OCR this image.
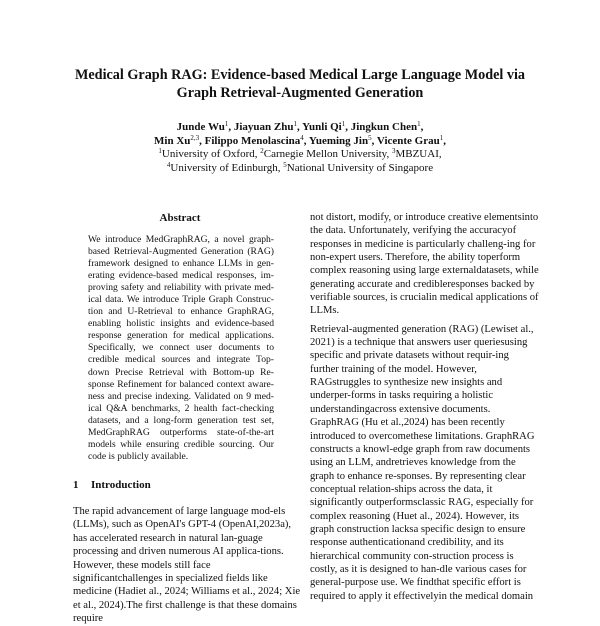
Medical Graph RAG: Evidence-based Medical Large Language Model via
Graph Retrieval-Augmented Generation
Junde Wu$^1$, Jiayuan Zhu$^1$, Yunli Qi$^1$, Jingkun Chen$^1$,
Min Xu$^{2,3}$, Filippo Menolascina$^4$, Yueming Jin$^5$, Vicente Grau$^1$,
$^1$University of Oxford, $^2$Carnegie Mellon University, $^3$MBZUAI,
$^4$University of Edinburgh, $^5$National University of Singapore
Abstract
We introduce MedGraphRAG, a novel graph-
based Retrieval-Augmented Generation (RAG)
framework designed to enhance LLMs in gen-
erating evidence-based medical responses, im-
proving safety and reliability with private med-
ical data. We introduce Triple Graph Construc-
tion and U-Retrieval to enhance GraphRAG,
enabling holistic insights and evidence-based
response generation for medical applications.
Specifically, we connect user documents to
credible medical sources and integrate Top-
down Precise Retrieval with Bottom-up Re-
sponse Refinement for balanced context aware-
ness and precise indexing. Validated on 9 med-
ical Q&A benchmarks, 2 health fact-checking
datasets, and a long-form generation test set,
MedGraphRAG outperforms state-of-the-art
models while ensuring credible sourcing. Our
code is publicly available.
1 Introduction
The rapid advancement of large language mod-els (LLMs), such as OpenAI's GPT-4 (OpenAI,2023a), has accelerated research in natural lan-guage processing and driven numerous AI applica-tions. However, these models still face significantchallenges in specialized fields like medicine (Hadiet al., 2024; Williams et al., 2024; Xie et al., 2024).The first challenge is that these domains require
not distort, modify, or introduce creative elementsinto the data. Unfortunately, verifying the accuracyof responses in medicine is particularly challeng-ing for non-expert users. Therefore, the ability toperform complex reasoning using large externaldatasets, while generating accurate and credibleresponses backed by verifiable sources, is crucialin medical applications of LLMs.
Retrieval-augmented generation (RAG) (Lewiset al., 2021) is a technique that answers user queriesusing specific and private datasets without requir-ing further training of the model. However, RAGstruggles to synthesize new insights and underper-forms in tasks requiring a holistic understandingacross extensive documents. GraphRAG (Hu et al.,2024) has been recently introduced to overcomethese limitations. GraphRAG constructs a knowl-edge graph from raw documents using an LLM, andretrieves knowledge from the graph to enhance re-sponses. By representing clear conceptual relation-ships across the data, it significantly outperformsclassic RAG, especially for complex reasoning (Huet al., 2024). However, its graph construction lacksa specific design to ensure response authenticationand credibility, and its hierarchical community con-struction process is costly, as it is designed to han-dle various cases for general-purpose use. We findthat specific effort is required to apply it effectivelyin the medical domain
